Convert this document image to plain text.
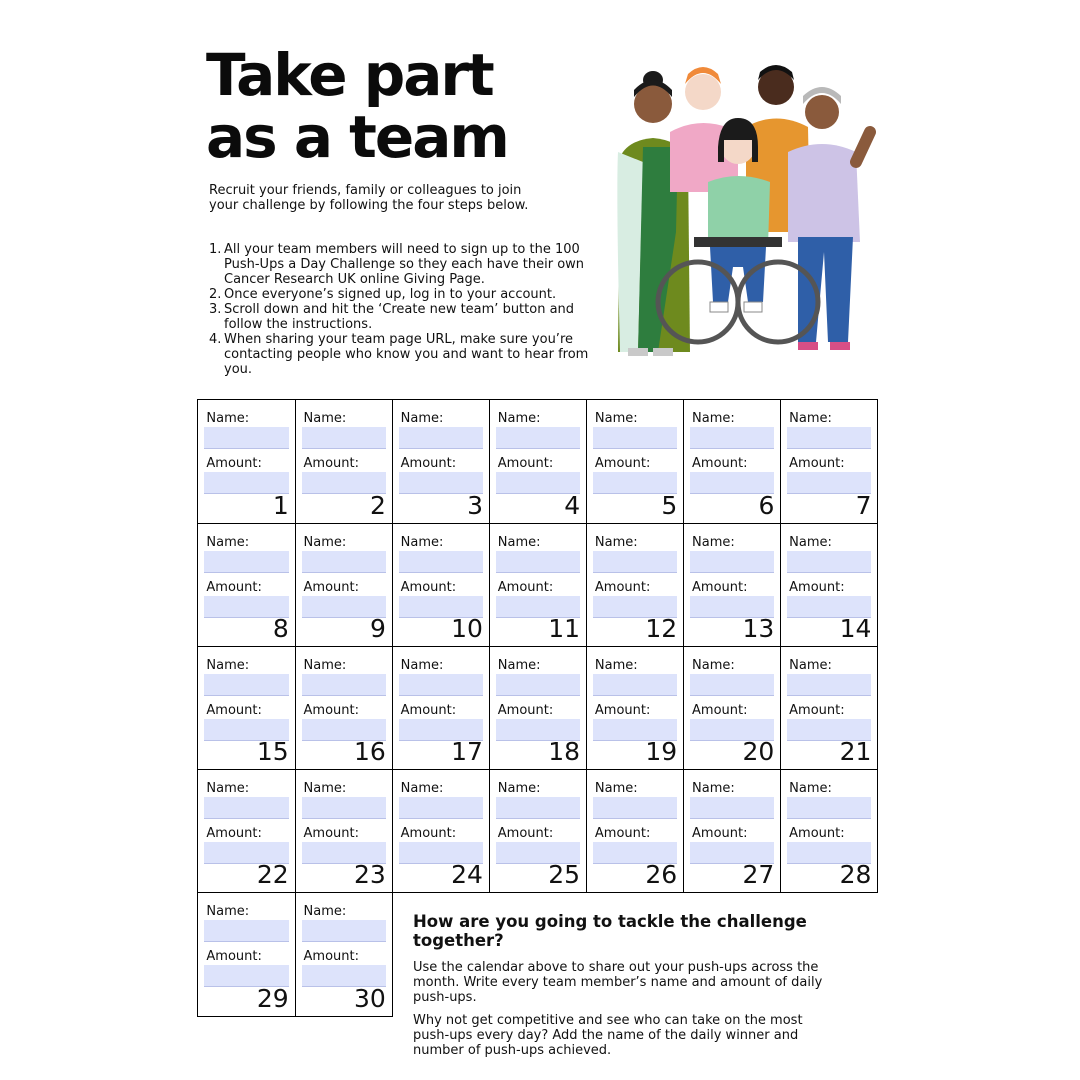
Take part
as a team

Recruit your friends, family or colleagues to join your challenge by following the four steps below.

1. All your team members will need to sign up to the 100 Push-Ups a Day Challenge so they each have their own Cancer Research UK online Giving Page.
2. Once everyone’s signed up, log in to your account.
3. Scroll down and hit the ‘Create new team’ button and follow the instructions.
4. When sharing your team page URL, make sure you’re contacting people who know you and want to hear from you.
Name:
Amount:
1
Name:
Amount:
2
Name:
Amount:
3
Name:
Amount:
4
Name:
Amount:
5
Name:
Amount:
6
Name:
Amount:
7
Name:
Amount:
8
Name:
Amount:
9
Name:
Amount:
10
Name:
Amount:
11
Name:
Amount:
12
Name:
Amount:
13
Name:
Amount:
14
Name:
Amount:
15
Name:
Amount:
16
Name:
Amount:
17
Name:
Amount:
18
Name:
Amount:
19
Name:
Amount:
20
Name:
Amount:
21
Name:
Amount:
22
Name:
Amount:
23
Name:
Amount:
24
Name:
Amount:
25
Name:
Amount:
26
Name:
Amount:
27
Name:
Amount:
28
Name:
Amount:
29
Name:
Amount:
30
How are you going to tackle the challenge together?

Use the calendar above to share out your push-ups across the month. Write every team member’s name and amount of daily push-ups.

Why not get competitive and see who can take on the most push-ups every day? Add the name of the daily winner and number of push-ups achieved.
